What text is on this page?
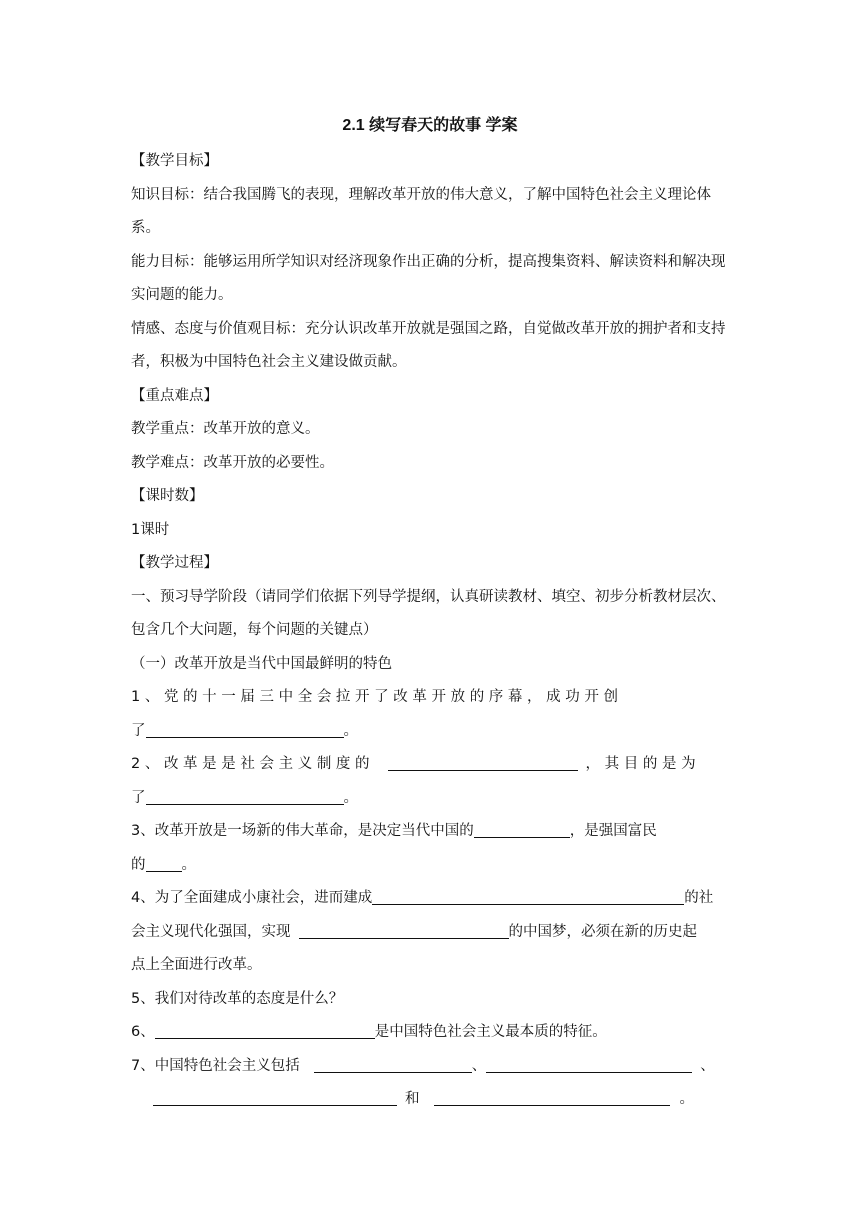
2.1 续写春天的故事 学案

【教学目标】

知识目标：结合我国腾飞的表现，理解改革开放的伟大意义，了解中国特色社会主义理论体系。

能力目标：能够运用所学知识对经济现象作出正确的分析，提高搜集资料、解读资料和解决现实问题的能力。

情感、态度与价值观目标：充分认识改革开放就是强国之路，自觉做改革开放的拥护者和支持者，积极为中国特色社会主义建设做贡献。

【重点难点】

教学重点：改革开放的意义。

教学难点：改革开放的必要性。

【课时数】

1课时

【教学过程】

一、预习导学阶段（请同学们依据下列导学提纲，认真研读教材、填空、初步分析教材层次、包含几个大问题，每个问题的关键点）

（一）改革开放是当代中国最鲜明的特色

1 、 党 的 十 一 届 三 中 全 会 拉 开 了 改 革 开 放 的 序 幕 ， 成 功 开 创

了	。

2 、 改 革 是 是 社 会 主 义 制 度 的	， 其 目 的 是 为

了	。

3、改革开放是一场新的伟大革命，是决定当代中国的	，是强国富民

的 。

4、为了全面建成小康社会，进而建成	的社

会主义现代化强国，实现	的中国梦，必须在新的历史起

点上全面进行改革。

5、我们对待改革的态度是什么？

6、	是中国特色社会主义最本质的特征。

7、中国特色社会主义包括	、	、

和	。
